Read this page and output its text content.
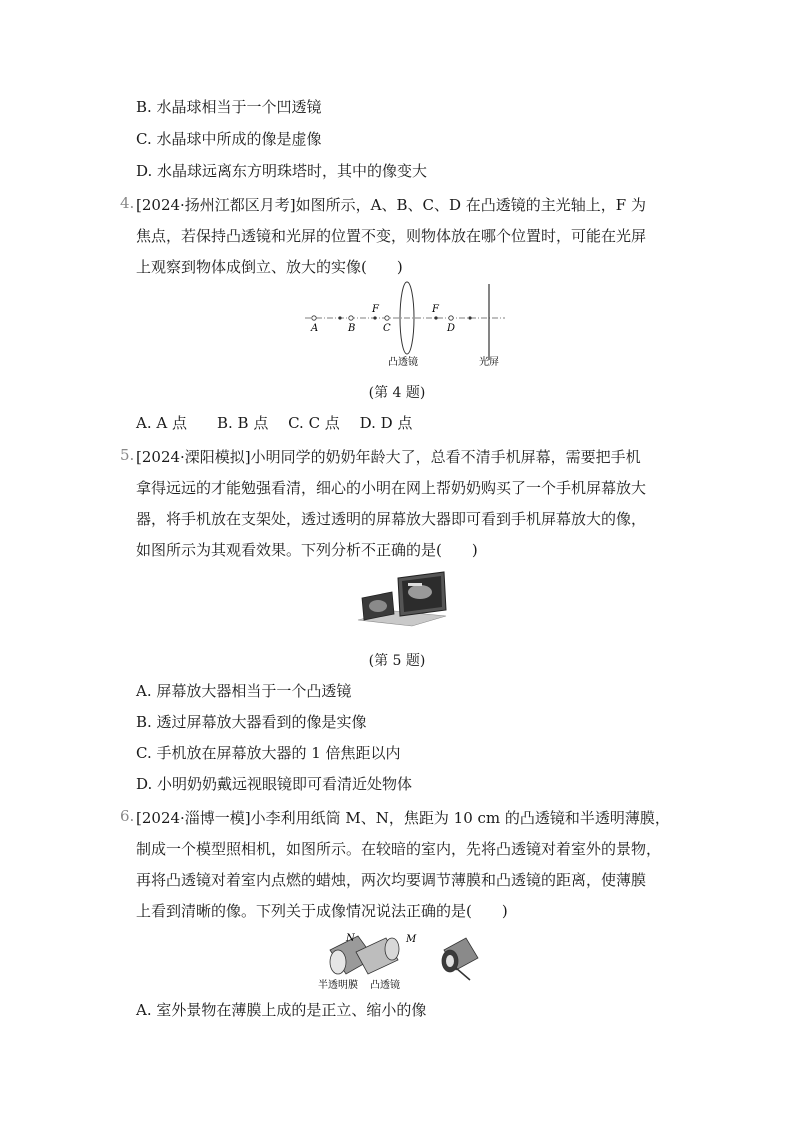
B. 水晶球相当于一个凹透镜
C. 水晶球中所成的像是虚像
D. 水晶球远离东方明珠塔时，其中的像变大
4. [2024·扬州江都区月考]如图所示，A、B、C、D 在凸透镜的主光轴上，F 为
焦点，若保持凸透镜和光屏的位置不变，则物体放在哪个位置时，可能在光屏
上观察到物体成倒立、放大的实像(　　)
A	B	C	D
F	F
凸透镜	光屏
(第 4 题)
A. A 点　　B. B 点　 C. C 点　 D. D 点
5. [2024·溧阳模拟]小明同学的奶奶年龄大了，总看不清手机屏幕，需要把手机
拿得远远的才能勉强看清，细心的小明在网上帮奶奶购买了一个手机屏幕放大
器，将手机放在支架处，透过透明的屏幕放大器即可看到手机屏幕放大的像，
如图所示为其观看效果。下列分析不正确的是(　　)
(第 5 题)
A. 屏幕放大器相当于一个凸透镜
B. 透过屏幕放大器看到的像是实像
C. 手机放在屏幕放大器的 1 倍焦距以内
D. 小明奶奶戴远视眼镜即可看清近处物体
6. [2024·淄博一模]小李利用纸筒 M、N，焦距为 10 cm 的凸透镜和半透明薄膜，
制成一个模型照相机，如图所示。在较暗的室内，先将凸透镜对着室外的景物，
再将凸透镜对着室内点燃的蜡烛，两次均要调节薄膜和凸透镜的距离，使薄膜
上看到清晰的像。下列关于成像情况说法正确的是(　　)
N	M
半透明膜 凸透镜
A. 室外景物在薄膜上成的是正立、缩小的像
